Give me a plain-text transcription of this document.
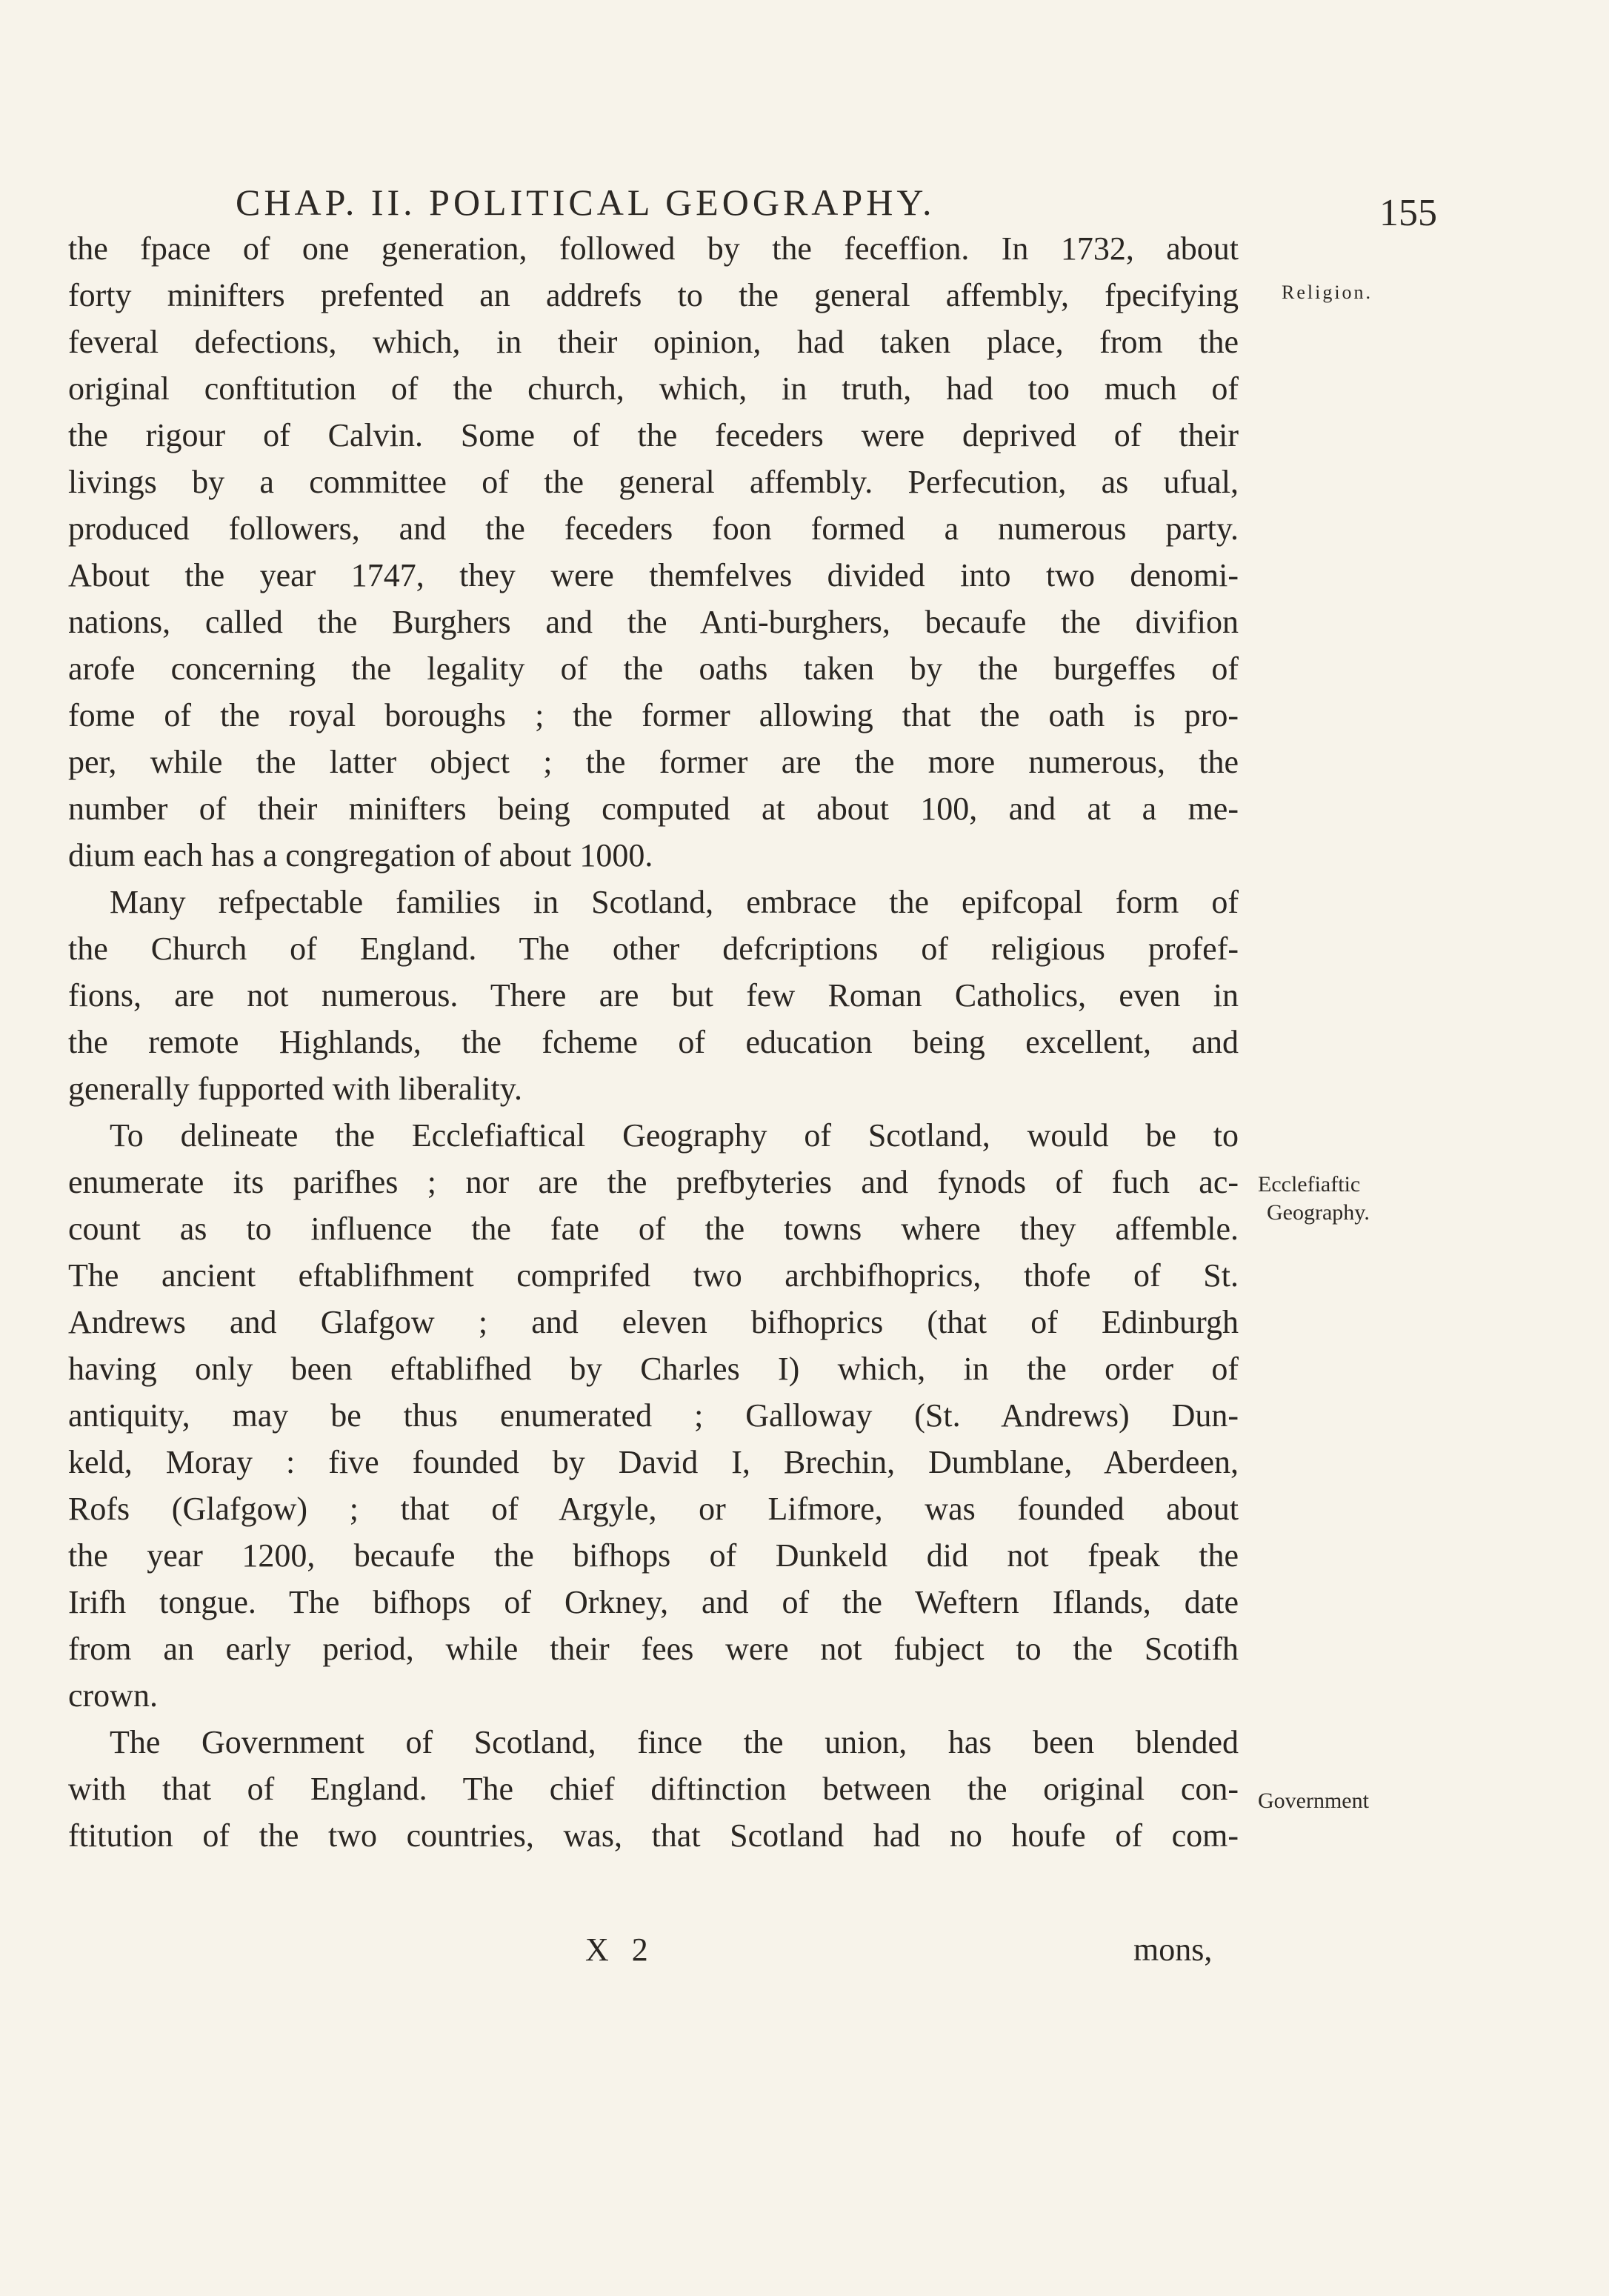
CHAP. II. POLITICAL GEOGRAPHY.	155
Religion.
Ecclefiaftic
Geography.
Government
the fpace of one generation, followed by the feceffion. In 1732, about
forty minifters prefented an addrefs to the general affembly, fpecifying
feveral defections, which, in their opinion, had taken place, from the
original conftitution of the church, which, in truth, had too much of
the rigour of Calvin. Some of the feceders were deprived of their
livings by a committee of the general affembly. Perfecution, as ufual,
produced followers, and the feceders foon formed a numerous party.
About the year 1747, they were themfelves divided into two denomi-
nations, called the Burghers and the Anti-burghers, becaufe the divifion
arofe concerning the legality of the oaths taken by the burgeffes of
fome of the royal boroughs ; the former allowing that the oath is pro-
per, while the latter object ; the former are the more numerous, the
number of their minifters being computed at about 100, and at a me-
dium each has a congregation of about 1000.
Many refpectable families in Scotland, embrace the epifcopal form of
the Church of England. The other defcriptions of religious profef-
fions, are not numerous. There are but few Roman Catholics, even in
the remote Highlands, the fcheme of education being excellent, and
generally fupported with liberality.
To delineate the Ecclefiaftical Geography of Scotland, would be to
enumerate its parifhes ; nor are the prefbyteries and fynods of fuch ac-
count as to influence the fate of the towns where they affemble.
The ancient eftablifhment comprifed two archbifhoprics, thofe of St.
Andrews and Glafgow ; and eleven bifhoprics (that of Edinburgh
having only been eftablifhed by Charles I) which, in the order of
antiquity, may be thus enumerated ; Galloway (St. Andrews) Dun-
keld, Moray : five founded by David I, Brechin, Dumblane, Aberdeen,
Rofs (Glafgow) ; that of Argyle, or Lifmore, was founded about
the year 1200, becaufe the bifhops of Dunkeld did not fpeak the
Irifh tongue. The bifhops of Orkney, and of the Weftern Iflands, date
from an early period, while their fees were not fubject to the Scotifh
crown.
The Government of Scotland, fince the union, has been blended
with that of England. The chief diftinction between the original con-
ftitution of the two countries, was, that Scotland had no houfe of com-
X 2	mons,
